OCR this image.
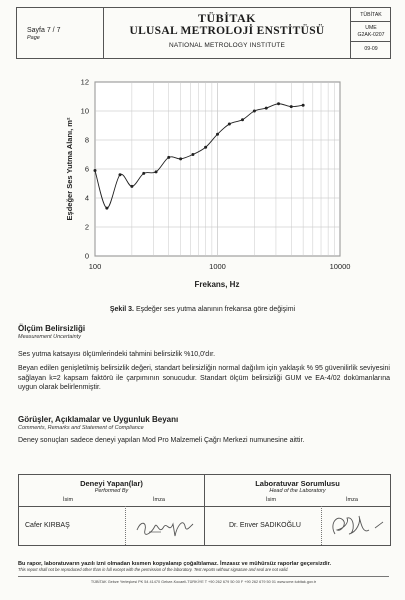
Sayfa 7 / 7
Page
TÜBİTAK
ULUSAL METROLOJİ ENSTİTÜSÜ
NATIONAL METROLOGY INSTITUTE
TÜBİTAK
UME
G2AK-0207
09-09
0
2
4
6
8
10
12
100	1000	10000
Frekans, Hz
Eşdeğer Ses Yutma Alanı, m²
Şekil 3. Eşdeğer ses yutma alanının frekansa göre değişimi
Ölçüm Belirsizliği
Measurement Uncertainty
Ses yutma katsayısı ölçümlerindeki tahmini belirsizlik %10,0'dır.
Beyan edilen genişletilmiş belirsizlik değeri, standart belirsizliğin normal dağılım için yaklaşık % 95 güvenilirlik seviyesini sağlayan k=2 kapsam faktörü ile çarpımının sonucudur. Standart ölçüm belirsizliği GUM ve EA-4/02 dokümanlarına uygun olarak belirlenmiştir.
Görüşler, Açıklamalar ve Uygunluk Beyanı
Comments, Remarks and Statement of Compliance
Deney sonuçları sadece deneyi yapılan Mod Pro Malzemeli Çağrı Merkezi numunesine aittir.
Deneyi Yapan(lar)
Performed By
İsim	İmza
Cafer KIRBAŞ
Laboratuvar Sorumlusu
Head of the Laboratory
İsim	İmza
Dr. Enver SADIKOĞLU
Bu rapor, laboratuvarın yazılı izni olmadan kısmen kopyalanıp çoğaltılamaz. İmzasız ve mühürsüz raporlar geçersizdir.
This report shall not be reproduced other than in full except with the permission of the laboratory. Test reports without signature and seal are not valid.
TÜBİTAK Gebze Yerleşkesi PK 54 41470 Gebze-Kocaeli-TÜRKİYE T +90 262 679 50 00 F +90 262 679 50 01 www.ume.tubitak.gov.tr
